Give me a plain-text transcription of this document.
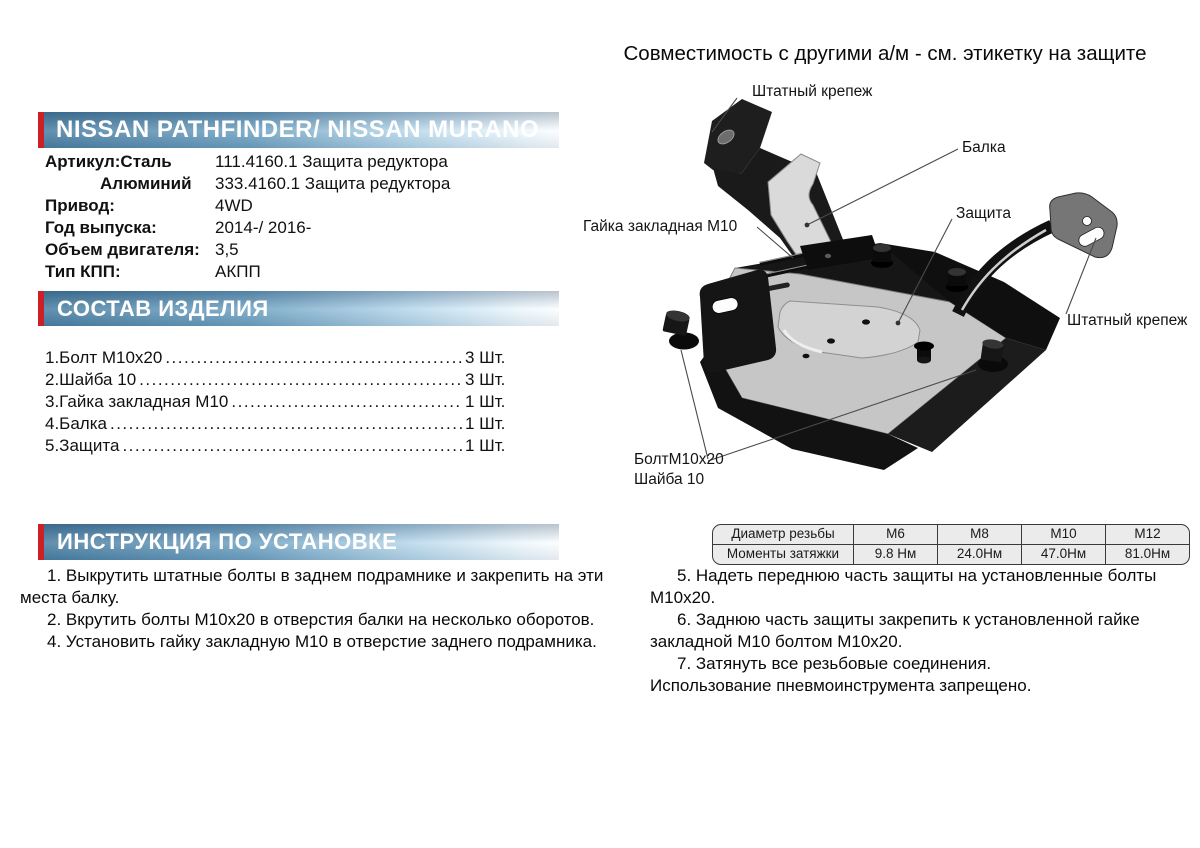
Совместимость с другими а/м - см. этикетку на защите
NISSAN PATHFINDER/ NISSAN MURANO
Артикул:Сталь	111.4160.1 Защита редуктора
Алюминий	333.4160.1 Защита редуктора
Привод:	4WD
Год выпуска:	2014-/ 2016-
Объем двигателя: 3,5
Тип КПП:	АКПП
СОСТАВ ИЗДЕЛИЯ
1.Болт М10х20 .....	3 Шт.
2.Шайба 10 .....	3 Шт.
3.Гайка закладная М10 .....	1 Шт.
4.Балка .....	1 Шт.
5.Защита .....	1 Шт.
ИНСТРУКЦИЯ ПО УСТАНОВКЕ	Диаметр резьбы	М6	М8	М10	М12
Моменты затяжки	9.8 Нм	24.0Нм	47.0Нм	81.0Нм

1. Выкрутить штатные болты в заднем подрамнике и закрепить на эти места балку.

2. Вкрутить болты М10х20 в отверстия балки на несколько оборотов.

4. Установить гайку закладную М10 в отверстие заднего подрамника.

5. Надеть переднюю часть защиты на установленные болты М10х20.

6. Заднюю часть защиты закрепить к установленной гайке закладной М10 болтом М10х20.

7. Затянуть все резьбовые соединения.

Использование пневмоинструмента запрещено.

Штатный крепеж
Балка
Защита
Гайка закладная М10
Штатный крепеж
БолтМ10х20
Шайба 10
